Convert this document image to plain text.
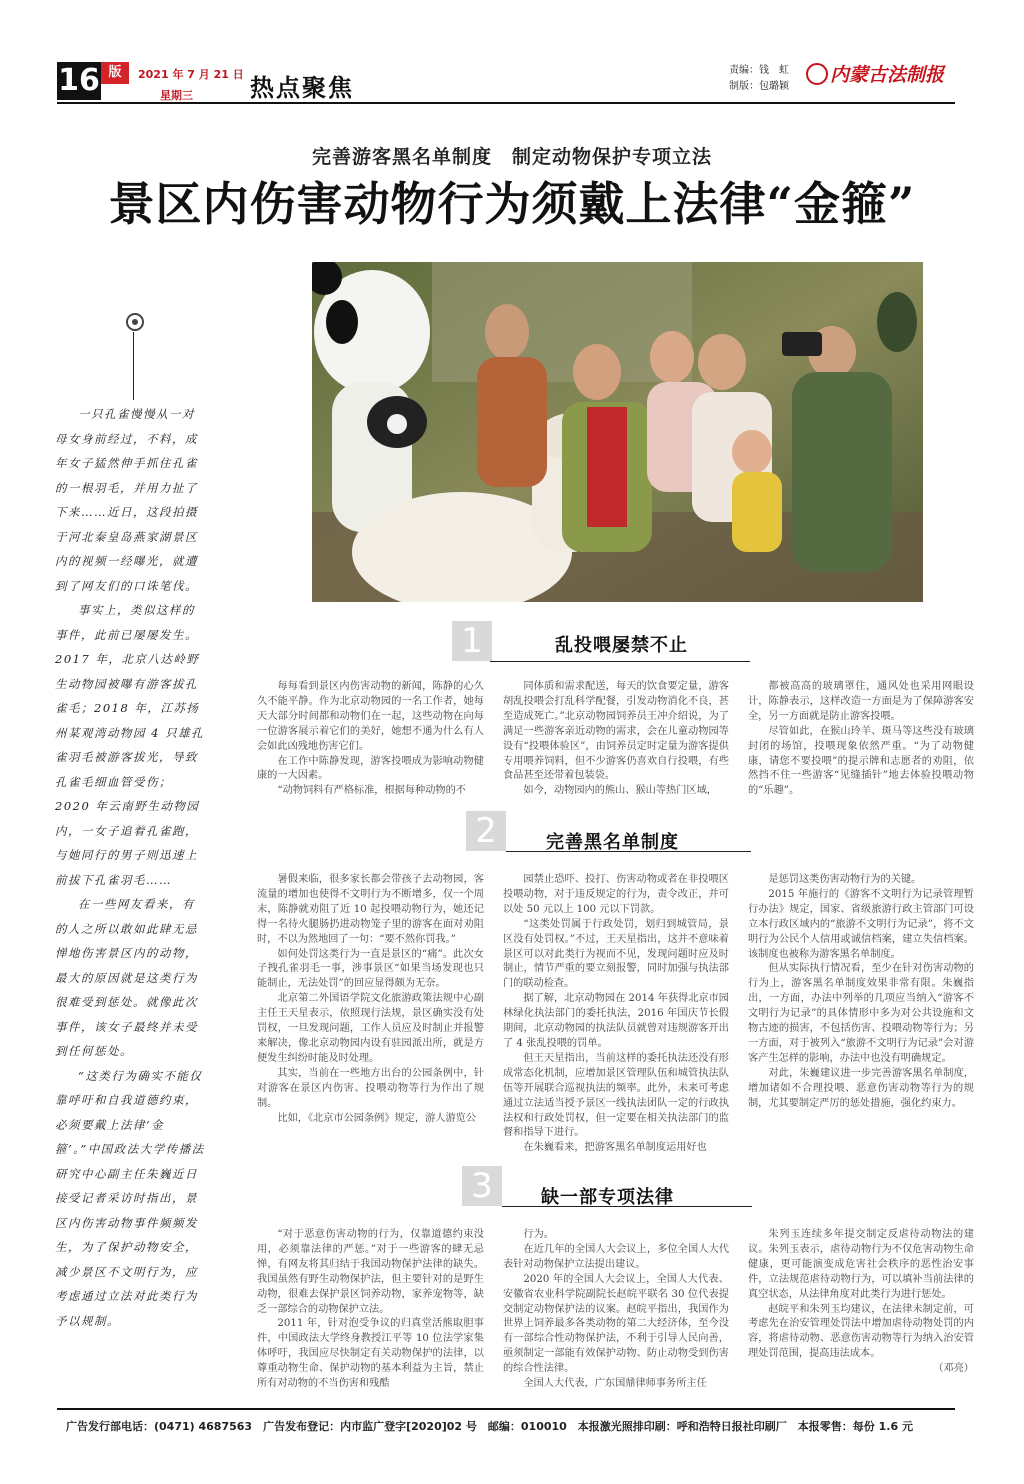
16 版	2021 年 7 月 21 日
星期三 热点聚焦
责编：钱　虹
制版：包璐颖
内蒙古法制报
完善游客黑名单制度　制定动物保护专项立法
景区内伤害动物行为须戴上法律“金箍”

一只孔雀慢慢从一对母女身前经过，不料，成年女子猛然伸手抓住孔雀的一根羽毛，并用力扯了下来……近日，这段拍摄于河北秦皇岛燕家湖景区内的视频一经曝光，就遭到了网友们的口诛笔伐。

事实上，类似这样的事件，此前已屡屡发生。2017 年，北京八达岭野生动物园被曝有游客拔孔雀毛；2018 年，江苏扬州某观湾动物园 4 只雄孔雀羽毛被游客拔光，导致孔雀毛细血管受伤；2020 年云南野生动物园内，一女子追着孔雀跑，与她同行的男子则迅速上前拔下孔雀羽毛……

在一些网友看来，有的人之所以敢如此肆无忌惮地伤害景区内的动物，最大的原因就是这类行为很难受到惩处。就像此次事件，该女子最终并未受到任何惩处。

“这类行为确实不能仅靠呼吁和自我道德约束，必须要戴上法律‘金箍’。”中国政法大学传播法研究中心副主任朱巍近日接受记者采访时指出，景区内伤害动物事件频频发生，为了保护动物安全，减少景区不文明行为，应考虑通过立法对此类行为予以规制。

1	乱投喂屡禁不止

每每看到景区内伤害动物的新闻，陈静的心久久不能平静。作为北京动物园的一名工作者，她每天大部分时间都和动物们在一起，这些动物在向每一位游客展示着它们的美好，她想不通为什么有人会如此凶残地伤害它们。

在工作中陈静发现，游客投喂成为影响动物健康的一大因素。

“动物饲料有严格标准，根据每种动物的不

同体质和需求配送，每天的饮食要定量，游客胡乱投喂会打乱科学配餐，引发动物消化不良，甚至造成死亡。”北京动物园饲养员王冲介绍说，为了满足一些游客亲近动物的需求，会在儿童动物园等设有“投喂体验区”，由饲养员定时定量为游客提供专用喂养饲料，但不少游客仍喜欢自行投喂，有些食品甚至还带着包装袋。

如今，动物园内的熊山、猴山等热门区域，

都被高高的玻璃罩住，通风处也采用网眼设计，陈静表示，这样改造一方面是为了保障游客安全，另一方面就是防止游客投喂。

尽管如此，在猴山玲羊、斑马等这些没有玻璃封闭的场馆，投喂现象依然严重。“为了动物健康，请您不要投喂”的提示牌和志愿者的劝阻，依然挡不住一些游客“见缝插针”地去体验投喂动物的“乐趣”。

2	完善黑名单制度

暑假来临，很多家长都会带孩子去动物园，客流量的增加也使得不文明行为不断增多，仅一个周末，陈静就劝阻了近 10 起投喂动物行为，她还记得一名待火腿肠扔进动物笼子里的游客在面对劝阻时，不以为然地回了一句：“要不然你罚我。”

如何处罚这类行为一直是景区的“痛”。此次女子拽孔雀羽毛一事，涉事景区“如果当场发现也只能制止，无法处罚”的回应显得颇为无奈。

北京第二外国语学院文化旅游政策法规中心副主任王天星表示，依照现行法规，景区确实没有处罚权，一旦发现问题，工作人员应及时制止并报警来解决，像北京动物园内设有驻园派出所，就是方便发生纠纷时能及时处理。

其实，当前在一些地方出台的公园条例中，针对游客在景区内伤害、投喂动物等行为作出了规制。

比如，《北京市公园条例》规定，游人游览公

园禁止恐吓、投打、伤害动物或者在非投喂区投喂动物，对于违反规定的行为，责令改正，并可以处 50 元以上 100 元以下罚款。

“这类处罚属于行政处罚，划归到城管局，景区没有处罚权。”不过，王天星指出，这并不意味着景区可以对此类行为视而不见，发现问题时应及时制止，情节严重的要立刻报警，同时加强与执法部门的联动检查。

据了解，北京动物园在 2014 年获得北京市园林绿化执法部门的委托执法，2016 年国庆节长假期间，北京动物园的执法队员就曾对违规游客开出了 4 张乱投喂的罚单。

但王天星指出，当前这样的委托执法还没有形成常态化机制，应增加景区管理队伍和城管执法队伍等开展联合巡视执法的频率。此外，未来可考虑通过立法适当授予景区一线执法团队一定的行政执法权和行政处罚权，但一定要在相关执法部门的监督和指导下进行。

在朱巍看来，把游客黑名单制度运用好也

是惩罚这类伤害动物行为的关键。

2015 年施行的《游客不文明行为记录管理暂行办法》规定，国家、省级旅游行政主管部门可设立本行政区域内的“旅游不文明行为记录”，将不文明行为公民个人信用或诚信档案，建立失信档案。该制度也被称为游客黑名单制度。

但从实际执行情况看，至少在针对伤害动物的行为上，游客黑名单制度效果非常有限。朱巍指出，一方面，办法中列举的几项应当纳入“游客不文明行为记录”的具体情形中多为对公共设施和文物古迹的损害，不包括伤害、投喂动物等行为；另一方面，对于被列入“旅游不文明行为记录”会对游客产生怎样的影响，办法中也没有明确规定。

对此，朱巍建议进一步完善游客黑名单制度，增加诸如不合理投喂、恶意伤害动物等行为的规制，尤其要制定严厉的惩处措施，强化约束力。

3	缺一部专项法律

“对于恶意伤害动物的行为，仅靠道德约束没用，必须靠法律的严惩。”对于一些游客的肆无忌惮，有网友将其归结于我国动物保护法律的缺失。我国虽然有野生动物保护法，但主要针对的是野生动物，很难去保护景区饲养动物，家养宠物等，缺乏一部综合的动物保护立法。

2011 年，针对泡受争议的归真堂活熊取胆事件，中国政法大学终身教授江平等 10 位法学家集体呼吁，我国应尽快制定有关动物保护的法律，以尊重动物生命、保护动物的基本利益为主旨，禁止所有对动物的不当伤害和残酷

行为。

在近几年的全国人大会议上，多位全国人大代表针对动物保护立法提出建议。

2020 年的全国人大会议上，全国人大代表、安徽省农业科学院副院长赵皖平联名 30 位代表提交制定动物保护法的议案。赵皖平指出，我国作为世界上饲养最多各类动物的第二大经济体，至今没有一部综合性动物保护法，不利于引导人民向善，亟须制定一部能有效保护动物、防止动物受到伤害的综合性法律。

全国人大代表，广东国鼎律师事务所主任

朱列玉连续多年提交制定反虐待动物法的建议。朱列玉表示，虐待动物行为不仅危害动物生命健康，更可能演变成危害社会秩序的恶性治安事件，立法规范虐待动物行为，可以填补当前法律的真空状态，从法律角度对此类行为进行惩处。

赵皖平和朱列玉均建议，在法律未制定前，可考虑先在治安管理处罚法中增加虐待动物处罚的内容，将虐待动物、恶意伤害动物等行为纳入治安管理处罚范围，提高违法成本。

（邓亮）
广告发行部电话：(0471) 4687563　广告发布登记：内市监广登字[2020]02 号　邮编：010010　本报激光照排印刷：呼和浩特日报社印刷厂　本报零售：每份 1.6 元
